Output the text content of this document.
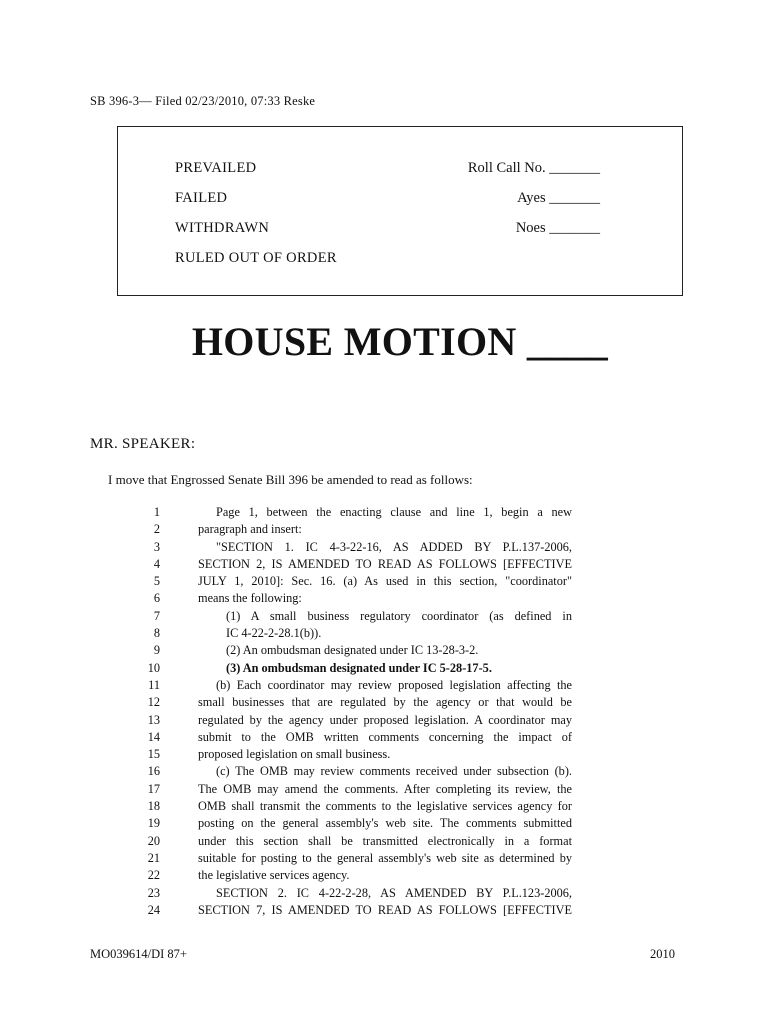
SB 396-3— Filed 02/23/2010, 07:33 Reske
PREVAILED
FAILED
WITHDRAWN
RULED OUT OF ORDER
Roll Call No. _______
Ayes _______
Noes _______
HOUSE MOTION ____
MR. SPEAKER:
I move that Engrossed Senate Bill 396 be amended to read as follows:
1	Page 1, between the enacting clause and line 1, begin a new
2	paragraph and insert:
3	"SECTION 1. IC 4-3-22-16, AS ADDED BY P.L.137-2006,
4	SECTION 2, IS AMENDED TO READ AS FOLLOWS [EFFECTIVE
5	JULY 1, 2010]: Sec. 16. (a) As used in this section, "coordinator"
6	means the following:
7	(1) A small business regulatory coordinator (as defined in
8	IC 4-22-2-28.1(b)).
9	(2) An ombudsman designated under IC 13-28-3-2.
10	(3) An ombudsman designated under IC 5-28-17-5.
11	(b) Each coordinator may review proposed legislation affecting the
12	small businesses that are regulated by the agency or that would be
13	regulated by the agency under proposed legislation. A coordinator may
14	submit to the OMB written comments concerning the impact of
15	proposed legislation on small business.
16	(c) The OMB may review comments received under subsection (b).
17	The OMB may amend the comments. After completing its review, the
18	OMB shall transmit the comments to the legislative services agency for
19	posting on the general assembly's web site. The comments submitted
20	under this section shall be transmitted electronically in a format
21	suitable for posting to the general assembly's web site as determined by
22	the legislative services agency.
23	SECTION 2. IC 4-22-2-28, AS AMENDED BY P.L.123-2006,
24	SECTION 7, IS AMENDED TO READ AS FOLLOWS [EFFECTIVE
MO039614/DI 87+	2010
